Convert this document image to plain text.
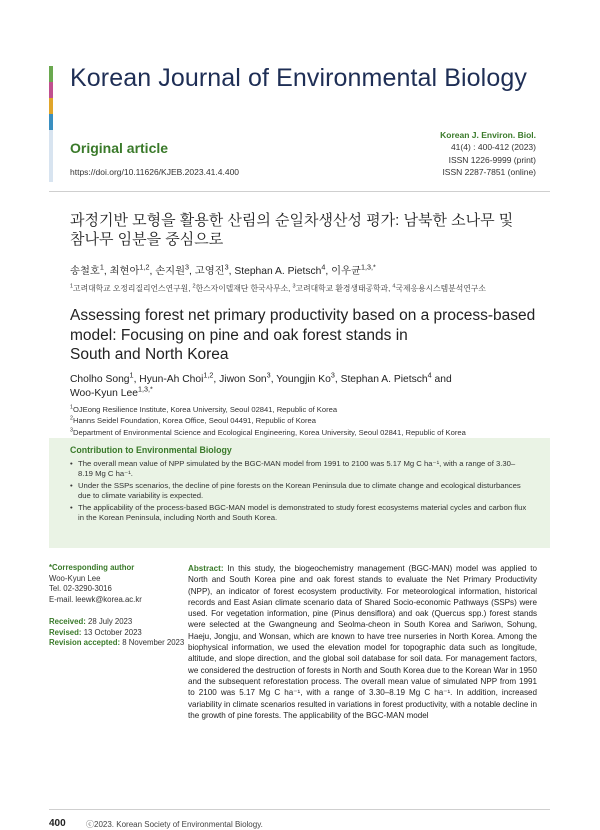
Korean Journal of Environmental Biology
Original article
https://doi.org/10.11626/KJEB.2023.41.4.400
Korean J. Environ. Biol.
41(4) : 400-412 (2023)
ISSN 1226-9999 (print)
ISSN 2287-7851 (online)
과정기반 모형을 활용한 산림의 순일차생산성 평가: 남북한 소나무 및
참나무 임분을 중심으로
송철호$^1$, 최현아$^{1,2}$, 손지원$^3$, 고영진$^3$, Stephan A. Pietsch$^4$, 이우균$^{1,3,*}$
$^1$고려대학교 오정리질리언스연구원, $^2$한스자이델재단 한국사무소, $^3$고려대학교 환경생태공학과, $^4$국제응용시스템분석연구소
Assessing forest net primary productivity based on a process-based
model: Focusing on pine and oak forest stands in
South and North Korea
Cholho Song$^1$, Hyun-Ah Choi$^{1,2}$, Jiwon Son$^3$, Youngjin Ko$^3$, Stephan A. Pietsch$^4$ and Woo-Kyun Lee$^{1,3,*}$
$^1$OJEong Resilience Institute, Korea University, Seoul 02841, Republic of Korea
$^2$Hanns Seidel Foundation, Korea Office, Seoul 04491, Republic of Korea
$^3$Department of Environmental Science and Ecological Engineering, Korea University, Seoul 02841, Republic of Korea
Contribution to Environmental Biology
• The overall mean value of NPP simulated by the BGC-MAN model from 1991 to 2100 was 5.17 Mg C ha⁻¹, with a range of 3.30–8.19 Mg C ha⁻¹.
• Under the SSPs scenarios, the decline of pine forests on the Korean Peninsula due to climate change and ecological disturbances due to climate variability is expected.
• The applicability of the process-based BGC-MAN model is demonstrated to study forest ecosystems material cycles and carbon flux in the Korean Peninsula, including North and South Korea.
*Corresponding author
Woo-Kyun Lee
Tel. 02-3290-3016
E-mail. leewk@korea.ac.kr
Received: 28 July 2023
Revised: 13 October 2023
Revision accepted: 8 November 2023
Abstract: In this study, the biogeochemistry management (BGC-MAN) model was applied to North and South Korea pine and oak forest stands to evaluate the Net Primary Productivity (NPP), an indicator of forest ecosystem productivity. For meteorological information, historical records and East Asian climate scenario data of Shared Socio-economic Pathways (SSPs) were used. For vegetation information, pine (Pinus densiflora) and oak (Quercus spp.) forest stands were selected at the Gwangneung and Seolma-cheon in South Korea and Sariwon, Sohung, Haeju, Jongju, and Wonsan, which are known to have tree nurseries in North Korea. Among the biophysical information, we used the elevation model for topographic data such as longitude, altitude, and slope direction, and the global soil database for soil data. For management factors, we considered the destruction of forests in North and South Korea due to the Korean War in 1950 and the subsequent reforestation process. The overall mean value of simulated NPP from 1991 to 2100 was 5.17 Mg C ha⁻¹, with a range of 3.30–8.19 Mg C ha⁻¹. In addition, increased variability in climate scenarios resulted in variations in forest productivity, with a notable decline in the growth of pine forests. The applicability of the BGC-MAN model
400	ⓒ2023. Korean Society of Environmental Biology.
